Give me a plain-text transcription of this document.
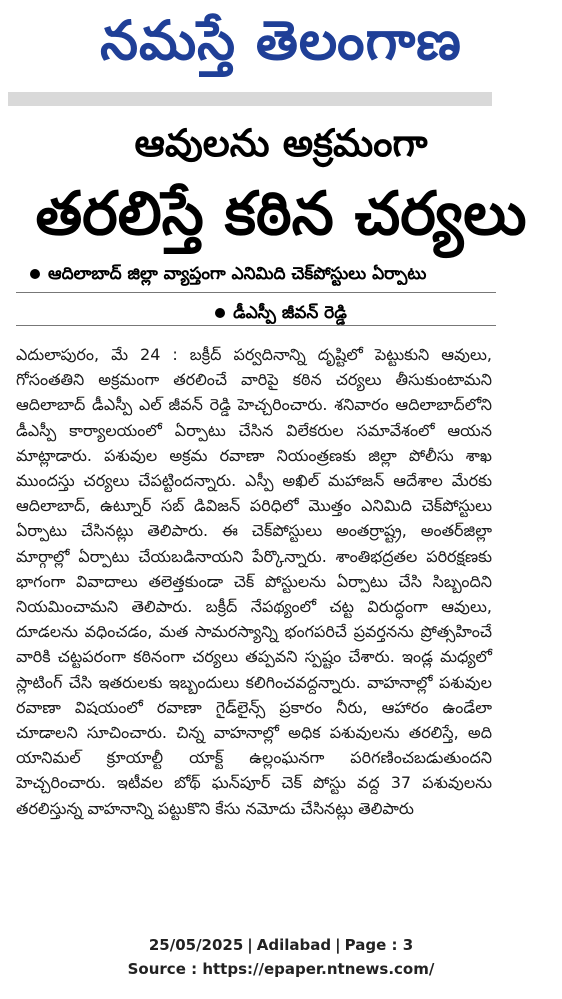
నమస్తే తెలంగాణ
ఆవులను అక్రమంగా
తరలిస్తే కఠిన చర్యలు
ఆదిలాబాద్ జిల్లా వ్యాప్తంగా ఎనిమిది చెక్‌పోస్టులు ఏర్పాటు
డీఎస్పీ జీవన్ రెడ్డి
ఎదులాపురం, మే 24 : బక్రీద్ పర్వదినాన్ని దృష్టిలో పెట్టుకుని ఆవులు, గోసంతతిని అక్రమంగా తరలించే వారిపై కఠిన చర్యలు తీసుకుంటామని ఆదిలాబాద్ డీఎస్పీ ఎల్ జీవన్ రెడ్డి హెచ్చరించారు. శనివారం ఆదిలాబాద్‌లోని డీఎస్పీ కార్యాలయంలో ఏర్పాటు చేసిన విలేకరుల సమావేశంలో ఆయన మాట్లాడారు. పశువుల అక్రమ రవాణా నియంత్రణకు జిల్లా పోలీసు శాఖ ముందస్తు చర్యలు చేపట్టిందన్నారు. ఎస్పీ అఖిల్ మహాజన్ ఆదేశాల మేరకు ఆదిలాబాద్, ఉట్నూర్ సబ్ డివిజన్ పరిధిలో మొత్తం ఎనిమిది చెక్‌పోస్టులు ఏర్పాటు చేసినట్లు తెలిపారు. ఈ చెక్‌పోస్టులు అంతర్రాష్ట్ర, అంతర్‌జిల్లా మార్గాల్లో ఏర్పాటు చేయబడినాయని పేర్కొన్నారు. శాంతిభద్రతల పరిరక్షణకు భాగంగా వివాదాలు తలెత్తకుండా చెక్ పోస్టులను ఏర్పాటు చేసి సిబ్బందిని నియమించామని తెలిపారు. బక్రీద్ నేపథ్యంలో చట్ట విరుద్ధంగా ఆవులు, దూడలను వధించడం, మత సామరస్యాన్ని భంగపరిచే ప్రవర్తనను ప్రోత్సహించే వారికి చట్టపరంగా కఠినంగా చర్యలు తప్పవని స్పష్టం చేశారు. ఇండ్ల మధ్యలో స్లాటింగ్ చేసి ఇతరులకు ఇబ్బందులు కలిగించవద్దన్నారు. వాహనాల్లో పశువుల రవాణా విషయంలో రవాణా గైడ్‌లైన్స్ ప్రకారం నీరు, ఆహారం ఉండేలా చూడాలని సూచించారు. చిన్న వాహనాల్లో అధిక పశువులను తరలిస్తే, అది యానిమల్ క్రూయాల్టీ యాక్ట్ ఉల్లంఘనగా పరిగణించబడుతుందని హెచ్చరించారు. ఇటీవల బోథ్ ఘన్‌పూర్ చెక్ పోస్టు వద్ద 37 పశువులను తరలిస్తున్న వాహనాన్ని పట్టుకొని కేసు నమోదు చేసినట్లు తెలిపారు
25/05/2025 | Adilabad | Page : 3
Source : https://epaper.ntnews.com/
